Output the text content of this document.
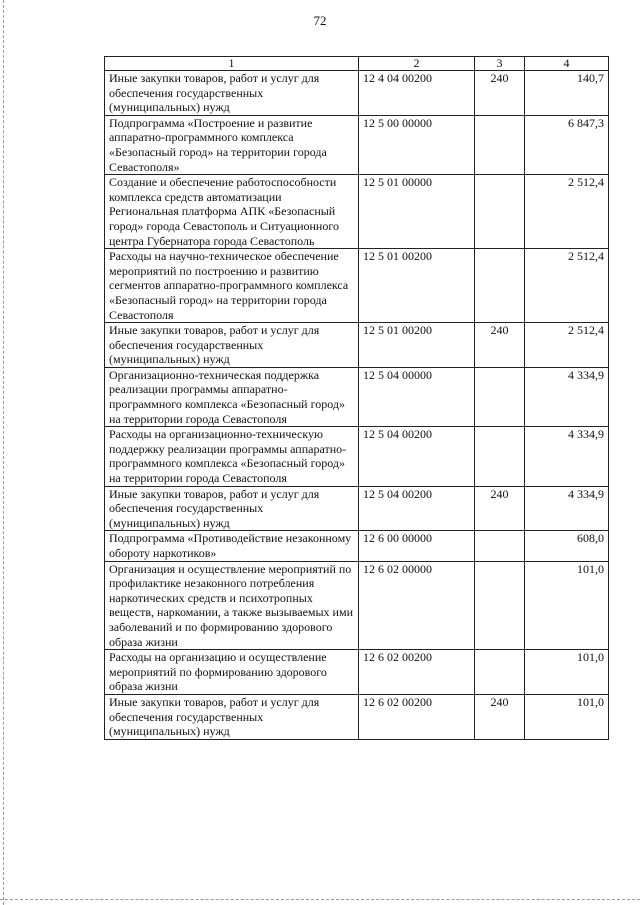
72
1	2	3	4
Иные закупки товаров, работ и услуг для обеспечения государственных (муниципальных) нужд	12 4 04 00200	240	140,7
Подпрограмма «Построение и развитие аппаратно-программного комплекса «Безопасный город» на территории города Севастополя»	12 5 00 00000		6 847,3
Создание и обеспечение работоспособности комплекса средств автоматизации Региональная платформа АПК «Безопасный город» города Севастополь и Ситуационного центра Губернатора города Севастополь	12 5 01 00000		2 512,4
Расходы на научно-техническое обеспечение мероприятий по построению и развитию сегментов аппаратно-программного комплекса «Безопасный город» на территории города Севастополя	12 5 01 00200		2 512,4
Иные закупки товаров, работ и услуг для обеспечения государственных (муниципальных) нужд	12 5 01 00200	240	2 512,4
Организационно-техническая поддержка реализации программы аппаратно-программного комплекса «Безопасный город» на территории города Севастополя	12 5 04 00000		4 334,9
Расходы на организационно-техническую поддержку реализации программы аппаратно-программного комплекса «Безопасный город» на территории города Севастополя	12 5 04 00200		4 334,9
Иные закупки товаров, работ и услуг для обеспечения государственных (муниципальных) нужд	12 5 04 00200	240	4 334,9
Подпрограмма «Противодействие незаконному обороту наркотиков»	12 6 00 00000		608,0
Организация и осуществление мероприятий по профилактике незаконного потребления наркотических средств и психотропных веществ, наркомании, а также вызываемых ими заболеваний и по формированию здорового образа жизни	12 6 02 00000		101,0
Расходы на организацию и осуществление мероприятий по формированию здорового образа жизни	12 6 02 00200		101,0
Иные закупки товаров, работ и услуг для обеспечения государственных (муниципальных) нужд	12 6 02 00200	240	101,0
